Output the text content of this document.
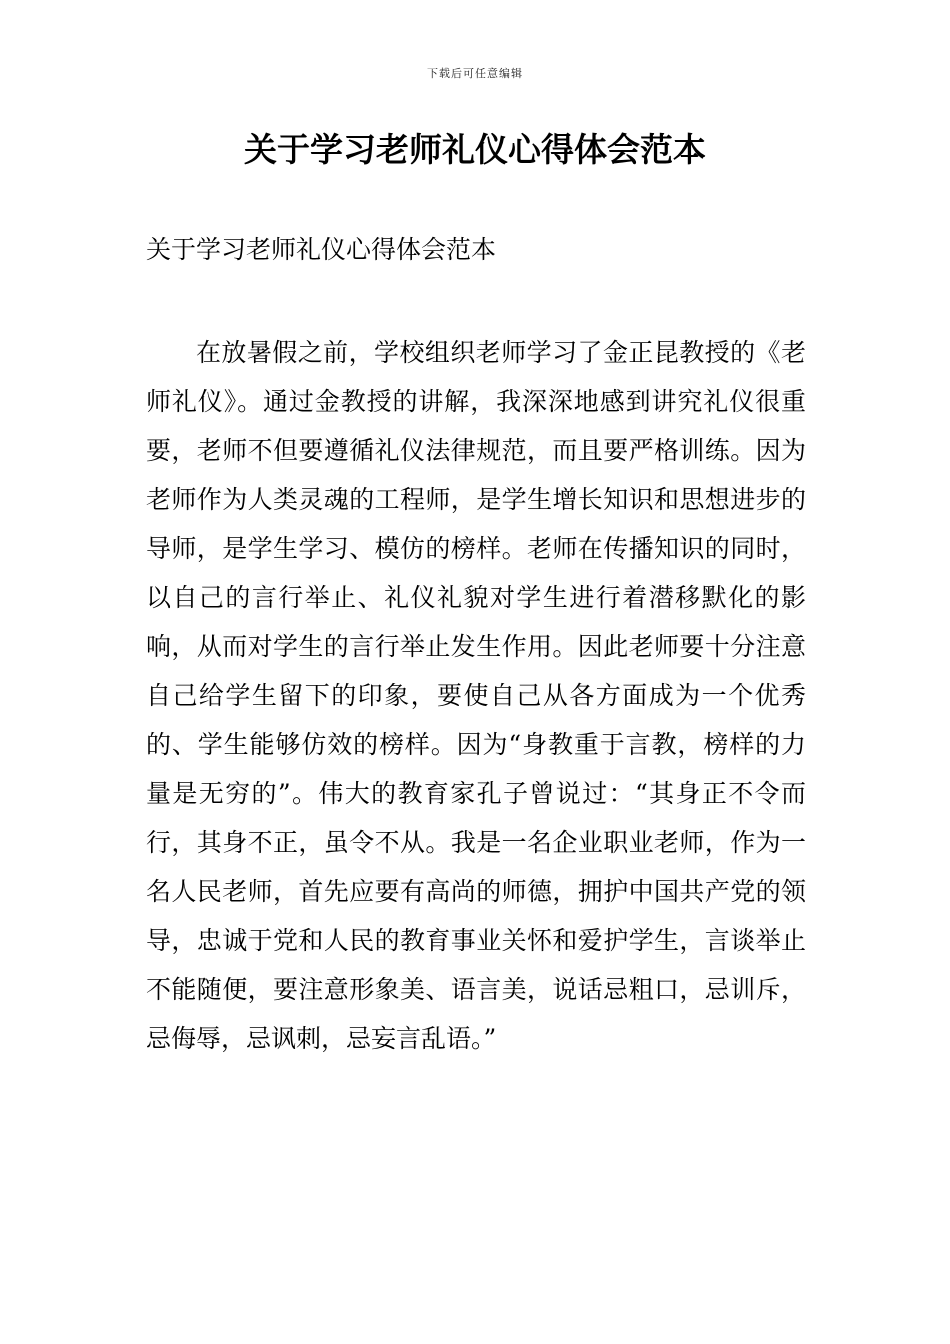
下载后可任意编辑
关于学习老师礼仪心得体会范本

关于学习老师礼仪心得体会范本

在放暑假之前，学校组织老师学习了金正昆教授的《老师礼仪》。通过金教授的讲解，我深深地感到讲究礼仪很重要，老师不但要遵循礼仪法律规范，而且要严格训练。因为老师作为人类灵魂的工程师，是学生增长知识和思想进步的导师，是学生学习、模仿的榜样。老师在传播知识的同时，以自己的言行举止、礼仪礼貌对学生进行着潜移默化的影响，从而对学生的言行举止发生作用。因此老师要十分注意自己给学生留下的印象，要使自己从各方面成为一个优秀的、学生能够仿效的榜样。因为“身教重于言教，榜样的力量是无穷的”。伟大的教育家孔子曾说过：“其身正不令而行，其身不正，虽令不从。我是一名企业职业老师，作为一名人民老师，首先应要有高尚的师德，拥护中国共产党的领导，忠诚于党和人民的教育事业关怀和爱护学生，言谈举止不能随便，要注意形象美、语言美，说话忌粗口，忌训斥，忌侮辱，忌讽刺，忌妄言乱语。”
